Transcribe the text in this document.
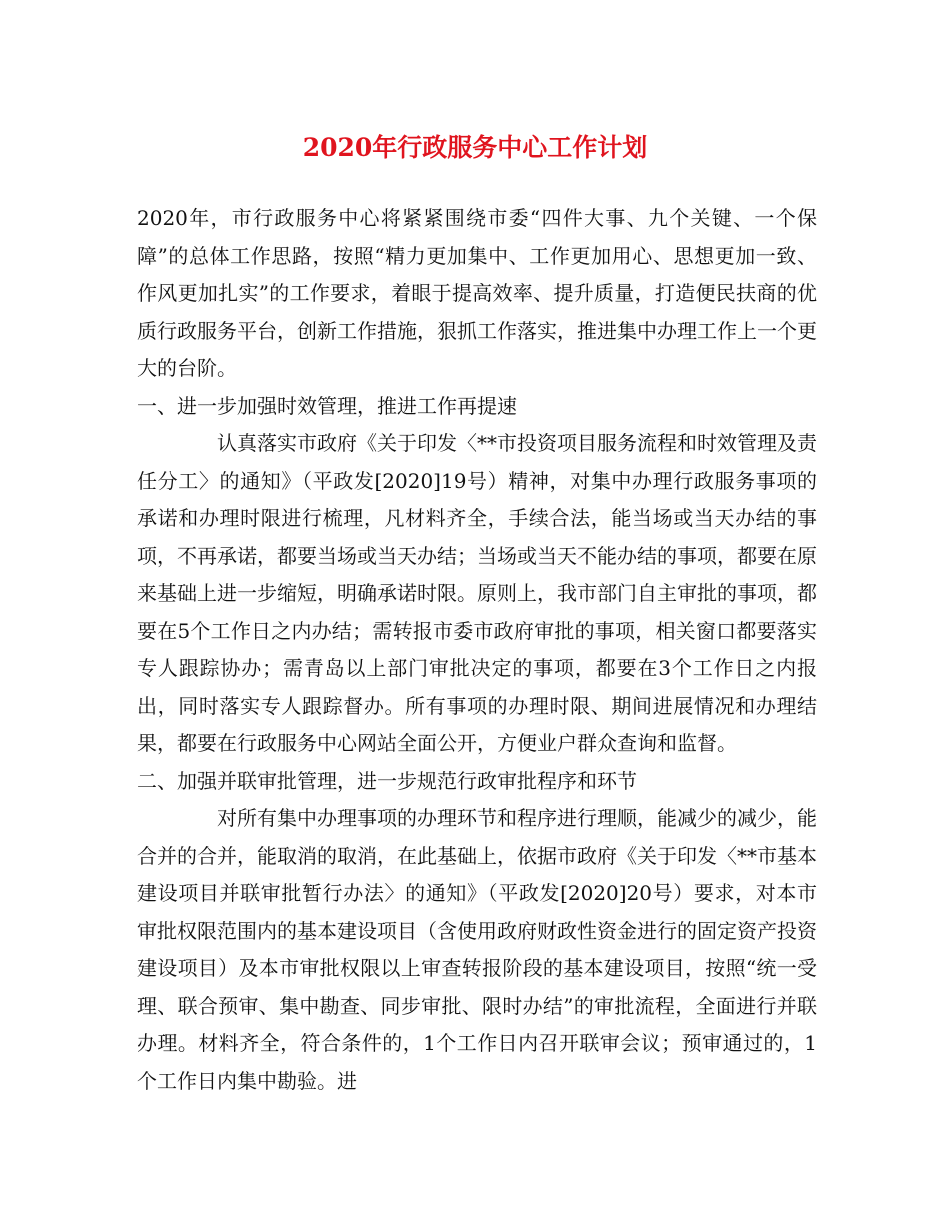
2020年行政服务中心工作计划

2020年，市行政服务中心将紧紧围绕市委“四件大事、九个关键、一个保障”的总体工作思路，按照“精力更加集中、工作更加用心、思想更加一致、作风更加扎实”的工作要求，着眼于提高效率、提升质量，打造便民扶商的优质行政服务平台，创新工作措施，狠抓工作落实，推进集中办理工作上一个更大的台阶。

一、进一步加强时效管理，推进工作再提速

认真落实市政府《关于印发〈**市投资项目服务流程和时效管理及责任分工〉的通知》（平政发[2020]19号）精神，对集中办理行政服务事项的承诺和办理时限进行梳理，凡材料齐全，手续合法，能当场或当天办结的事项，不再承诺，都要当场或当天办结；当场或当天不能办结的事项，都要在原来基础上进一步缩短，明确承诺时限。原则上，我市部门自主审批的事项，都要在5个工作日之内办结；需转报市委市政府审批的事项，相关窗口都要落实专人跟踪协办；需青岛以上部门审批决定的事项，都要在3个工作日之内报出，同时落实专人跟踪督办。所有事项的办理时限、期间进展情况和办理结果，都要在行政服务中心网站全面公开，方便业户群众查询和监督。

二、加强并联审批管理，进一步规范行政审批程序和环节

对所有集中办理事项的办理环节和程序进行理顺，能减少的减少，能合并的合并，能取消的取消，在此基础上，依据市政府《关于印发〈**市基本建设项目并联审批暂行办法〉的通知》（平政发[2020]20号）要求，对本市审批权限范围内的基本建设项目（含使用政府财政性资金进行的固定资产投资建设项目）及本市审批权限以上审查转报阶段的基本建设项目，按照“统一受理、联合预审、集中勘查、同步审批、限时办结”的审批流程，全面进行并联办理。材料齐全，符合条件的，1个工作日内召开联审会议；预审通过的，1个工作日内集中勘验。进
